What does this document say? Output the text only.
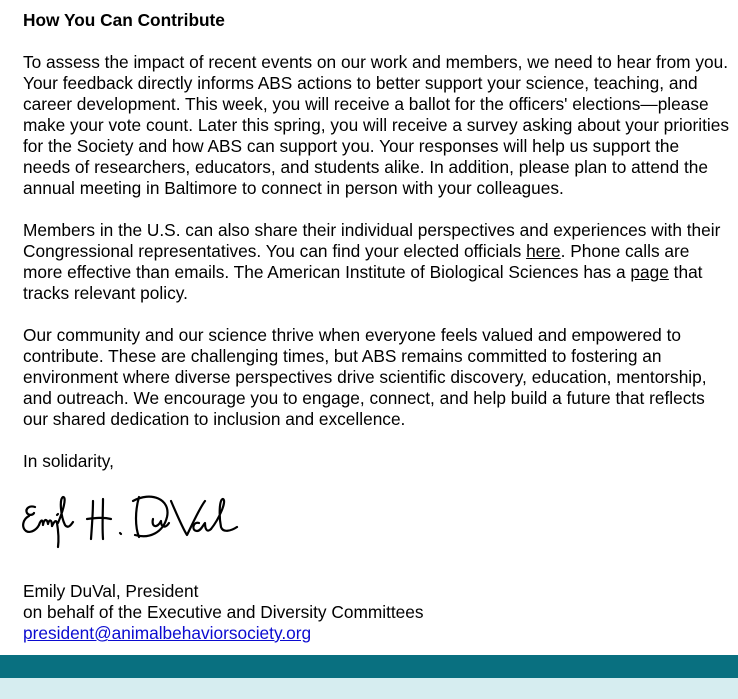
How You Can Contribute

To assess the impact of recent events on our work and members, we need to hear from you. Your feedback directly informs ABS actions to better support your science, teaching, and career development. This week, you will receive a ballot for the officers' elections—please make your vote count. Later this spring, you will receive a survey asking about your priorities for the Society and how ABS can support you. Your responses will help us support the needs of researchers, educators, and students alike. In addition, please plan to attend the annual meeting in Baltimore to connect in person with your colleagues.

Members in the U.S. can also share their individual perspectives and experiences with their Congressional representatives. You can find your elected officials here. Phone calls are more effective than emails. The American Institute of Biological Sciences has a page that tracks relevant policy.

Our community and our science thrive when everyone feels valued and empowered to contribute. These are challenging times, but ABS remains committed to fostering an environment where diverse perspectives drive scientific discovery, education, mentorship, and outreach. We encourage you to engage, connect, and help build a future that reflects our shared dedication to inclusion and excellence.

In solidarity,

Emily DuVal, President
on behalf of the Executive and Diversity Committees
president@animalbehaviorsociety.org
